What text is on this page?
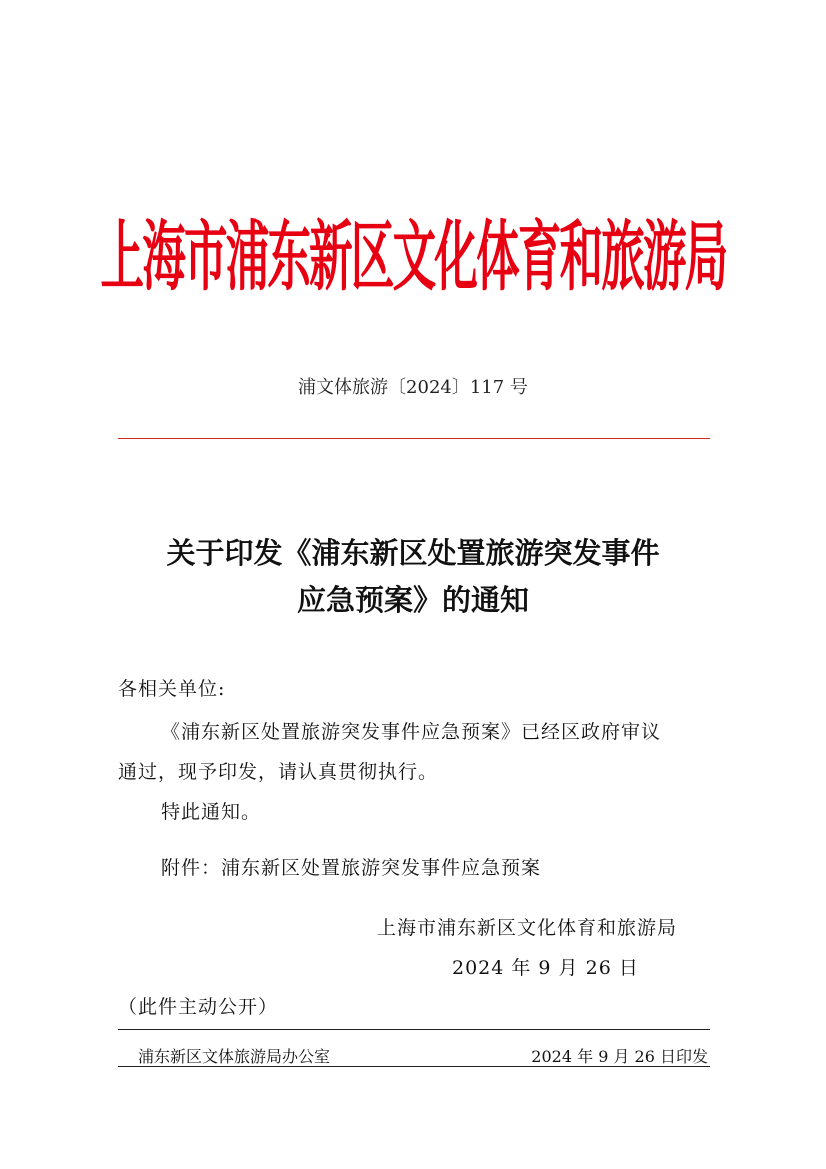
上海市浦东新区文化体育和旅游局
浦文体旅游〔2024〕117 号
关于印发《浦东新区处置旅游突发事件
应急预案》的通知
各相关单位:
《浦东新区处置旅游突发事件应急预案》已经区政府审议
通过，现予印发，请认真贯彻执行。
特此通知。
附件：浦东新区处置旅游突发事件应急预案
上海市浦东新区文化体育和旅游局
2024 年 9 月 26 日
（此件主动公开）
浦东新区文体旅游局办公室	2024 年 9 月 26 日印发
